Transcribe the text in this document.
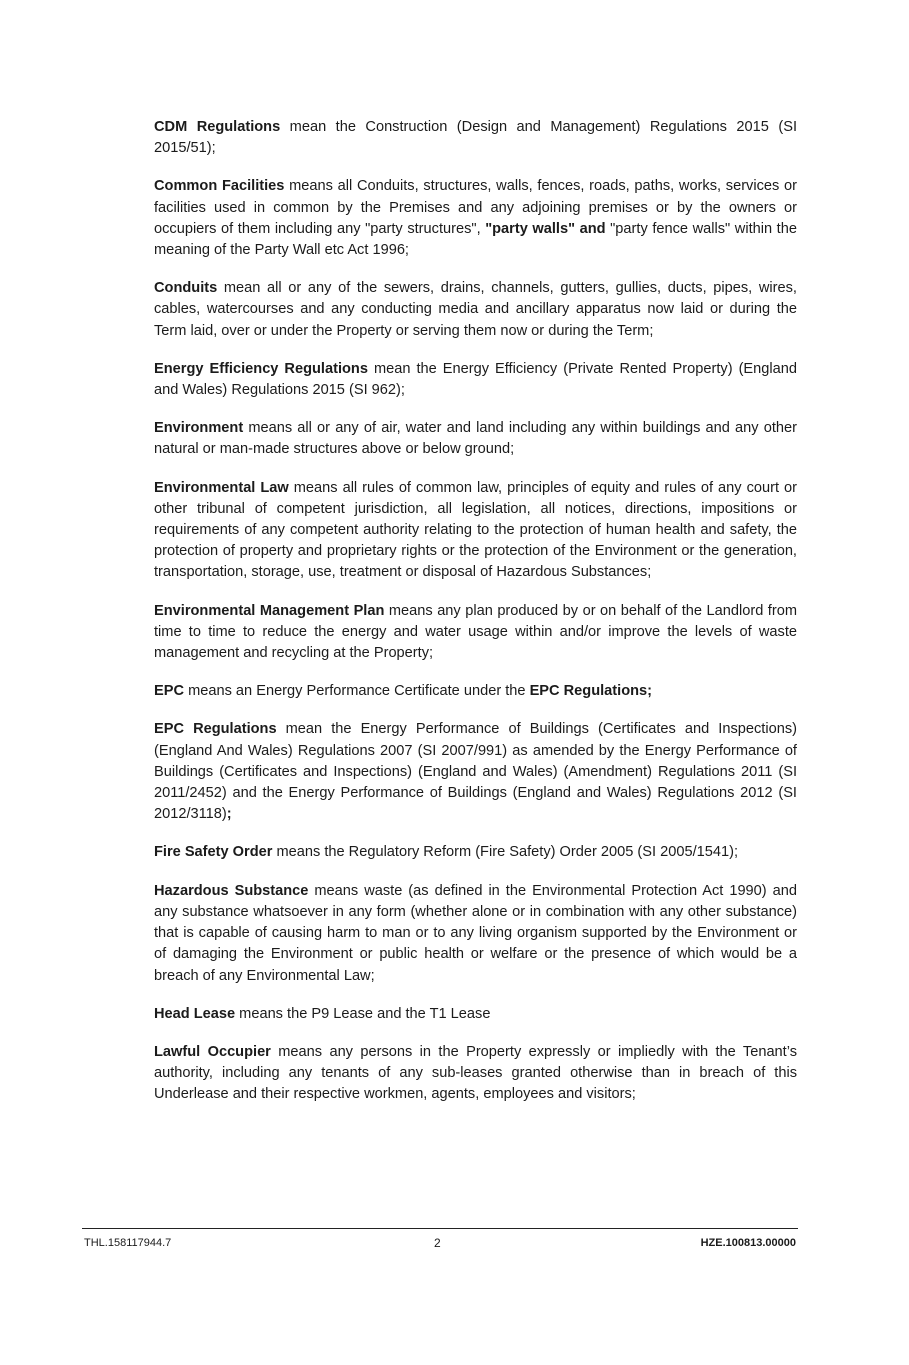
CDM Regulations mean the Construction (Design and Management) Regulations 2015 (SI 2015/51);

Common Facilities means all Conduits, structures, walls, fences, roads, paths, works, services or facilities used in common by the Premises and any adjoining premises or by the owners or occupiers of them including any "party structures", "party walls" and "party fence walls" within the meaning of the Party Wall etc Act 1996;

Conduits mean all or any of the sewers, drains, channels, gutters, gullies, ducts, pipes, wires, cables, watercourses and any conducting media and ancillary apparatus now laid or during the Term laid, over or under the Property or serving them now or during the Term;

Energy Efficiency Regulations mean the Energy Efficiency (Private Rented Property) (England and Wales) Regulations 2015 (SI 962);

Environment means all or any of air, water and land including any within buildings and any other natural or man-made structures above or below ground;

Environmental Law means all rules of common law, principles of equity and rules of any court or other tribunal of competent jurisdiction, all legislation, all notices, directions, impositions or requirements of any competent authority relating to the protection of human health and safety, the protection of property and proprietary rights or the protection of the Environment or the generation, transportation, storage, use, treatment or disposal of Hazardous Substances;

Environmental Management Plan means any plan produced by or on behalf of the Landlord from time to time to reduce the energy and water usage within and/or improve the levels of waste management and recycling at the Property;

EPC means an Energy Performance Certificate under the EPC Regulations;

EPC Regulations mean the Energy Performance of Buildings (Certificates and Inspections) (England And Wales) Regulations 2007 (SI 2007/991) as amended by the Energy Performance of Buildings (Certificates and Inspections) (England and Wales) (Amendment) Regulations 2011 (SI 2011/2452) and the Energy Performance of Buildings (England and Wales) Regulations 2012 (SI 2012/3118);

Fire Safety Order means the Regulatory Reform (Fire Safety) Order 2005 (SI 2005/1541);

Hazardous Substance means waste (as defined in the Environmental Protection Act 1990) and any substance whatsoever in any form (whether alone or in combination with any other substance) that is capable of causing harm to man or to any living organism supported by the Environment or of damaging the Environment or public health or welfare or the presence of which would be a breach of any Environmental Law;

Head Lease means the P9 Lease and the T1 Lease

Lawful Occupier means any persons in the Property expressly or impliedly with the Tenant’s authority, including any tenants of any sub-leases granted otherwise than in breach of this Underlease and their respective workmen, agents, employees and visitors;

THL.158117944.7	2	HZE.100813.00000
